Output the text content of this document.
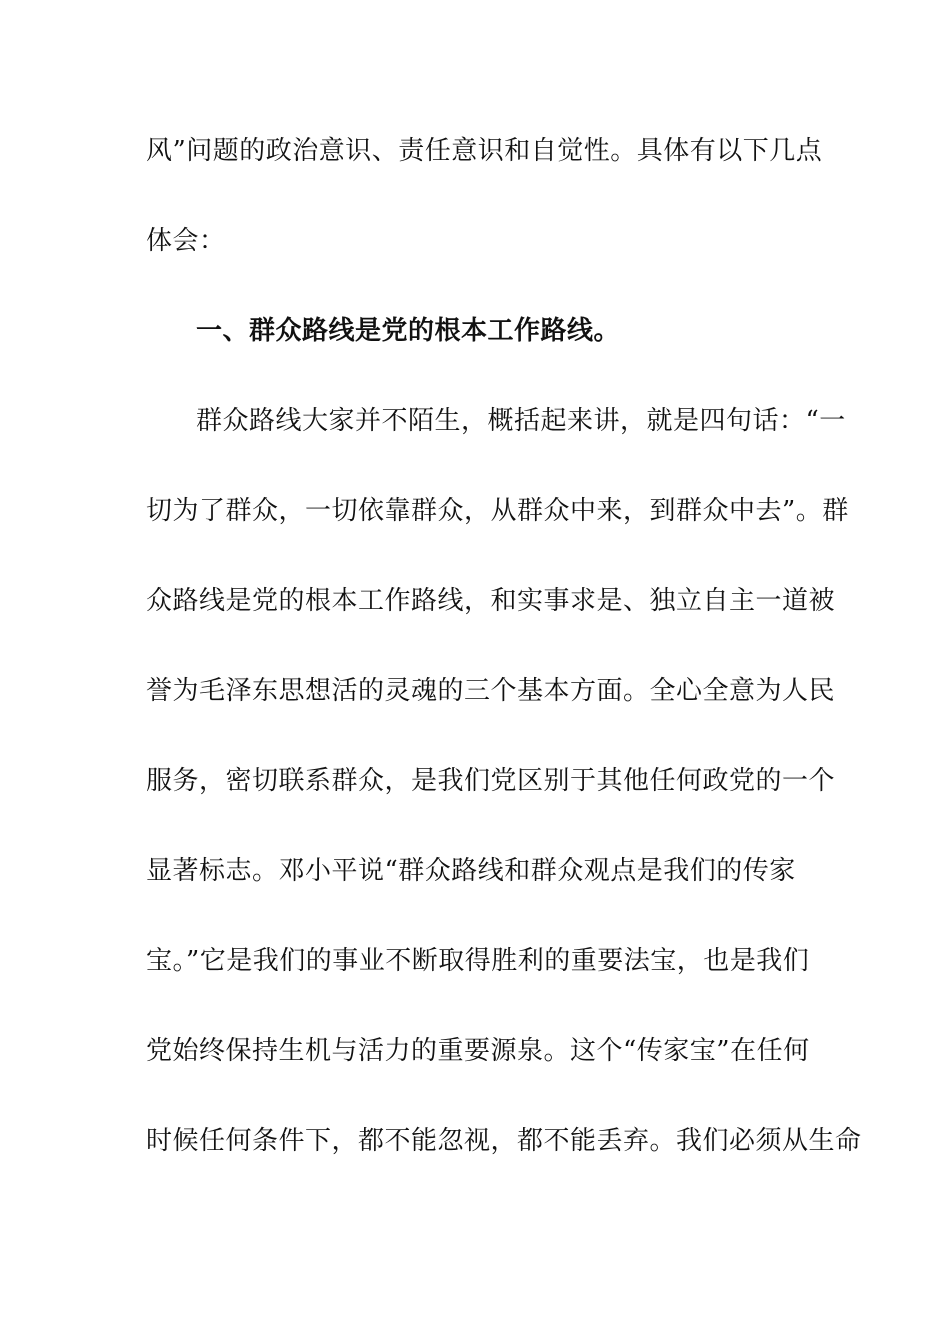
风”问题的政治意识、责任意识和自觉性。具体有以下几点
体会：
一、群众路线是党的根本工作路线。
群众路线大家并不陌生，概括起来讲，就是四句话：“一
切为了群众，一切依靠群众，从群众中来，到群众中去”。群
众路线是党的根本工作路线，和实事求是、独立自主一道被
誉为毛泽东思想活的灵魂的三个基本方面。全心全意为人民
服务，密切联系群众，是我们党区别于其他任何政党的一个
显著标志。邓小平说“群众路线和群众观点是我们的传家
宝。”它是我们的事业不断取得胜利的重要法宝，也是我们
党始终保持生机与活力的重要源泉。这个“传家宝”在任何
时候任何条件下，都不能忽视，都不能丢弃。我们必须从生命
